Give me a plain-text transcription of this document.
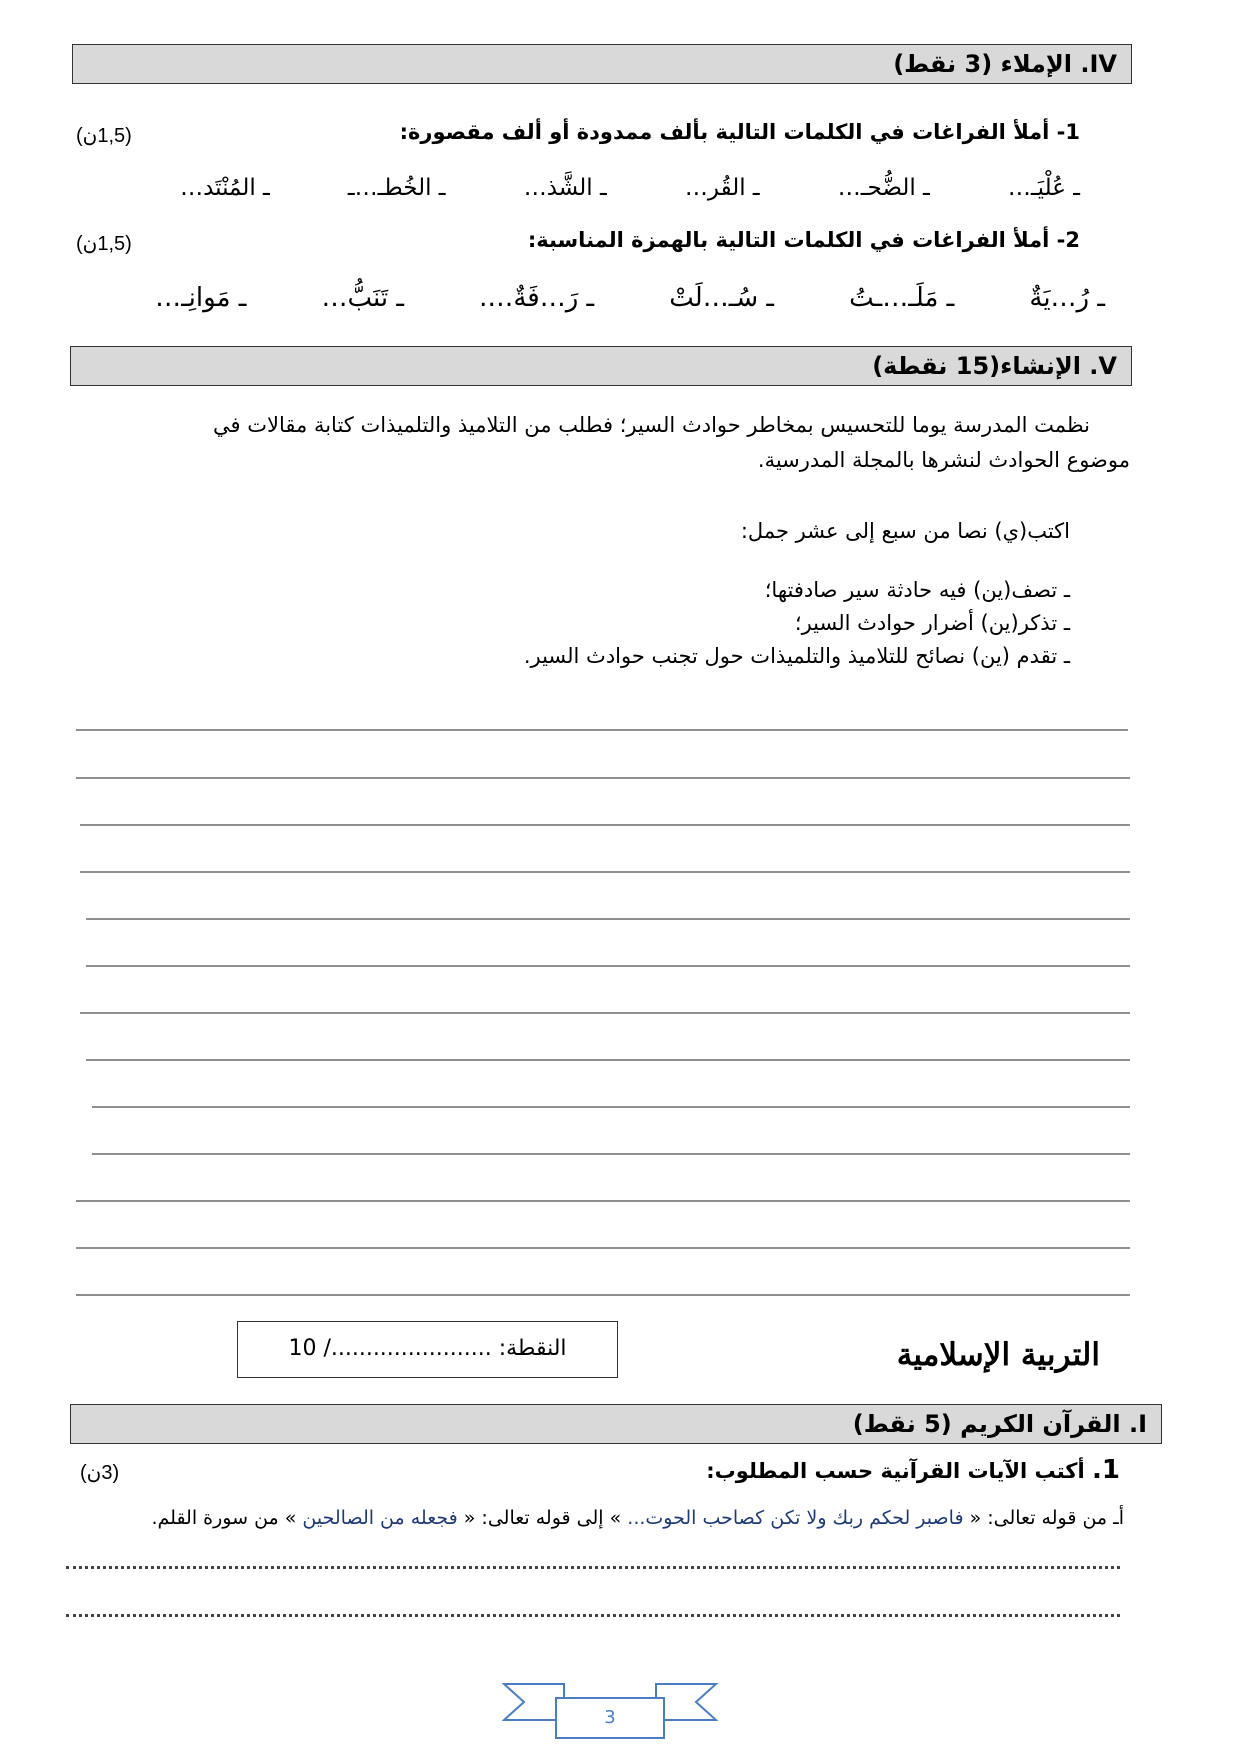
IV. الإملاء (3 نقط)
1- أملأ الفراغات في الكلمات التالية بألف ممدودة أو ألف مقصورة:
(1,5ن)
ـ عُلْيَـ…
ـ الضُّحـ…
ـ القُر…
ـ الشَّذ…
ـ الخُطـ…ـ
ـ المُنْتَد…
2- أملأ الفراغات في الكلمات التالية بالهمزة المناسبة:
(1,5ن)
ـ رُ…يَةٌ
ـ مَلَـ…ـتُ
ـ سُـ…لَتْ
ـ رَ…فَةٌ….
ـ تَنَبُّ…
ـ مَوانِـ…
V. الإنشاء(15 نقطة)
نظمت المدرسة يوما للتحسيس بمخاطر حوادث السير؛ فطلب من التلاميذ والتلميذات كتابة مقالات في
موضوع الحوادث لنشرها بالمجلة المدرسية.
اكتب(ي) نصا من سبع إلى عشر جمل:
ـ تصف(ين) فيه حادثة سير صادفتها؛
ـ تذكر(ين) أضرار حوادث السير؛
ـ تقدم (ين) نصائح للتلاميذ والتلميذات حول تجنب حوادث السير.
النقطة: ......................./ 10	التربية الإسلامية
I. القرآن الكريم (5 نقط)
1. أكتب الآيات القرآنية حسب المطلوب:
(3ن)
أـ من قوله تعالى: « فاصبر لحكم ربك ولا تكن كصاحب الحوت... » إلى قوله تعالى: « فجعله من الصالحين » من سورة القلم.
3
